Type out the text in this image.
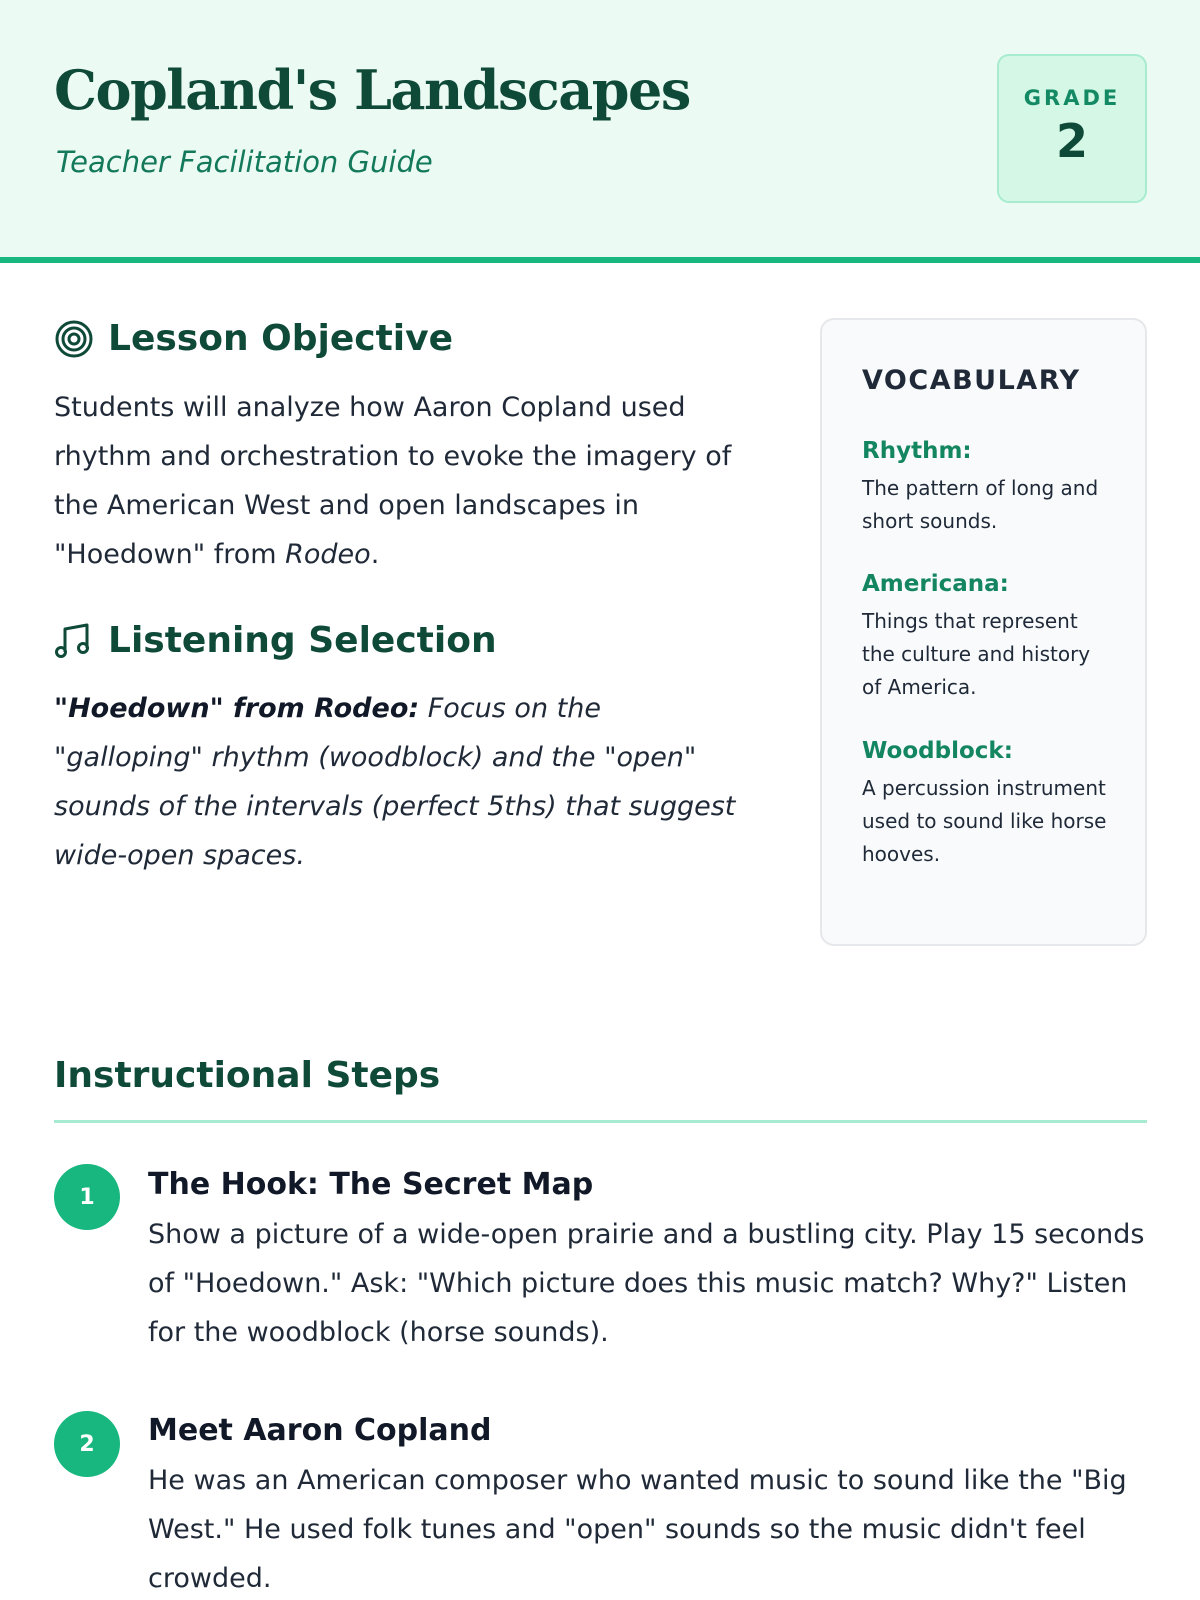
Copland's Landscapes
Teacher Facilitation Guide
GRADE
2
Lesson Objective

Students will analyze how Aaron Copland used rhythm and orchestration to evoke the imagery of the American West and open landscapes in "Hoedown" from Rodeo.

Listening Selection

"Hoedown" from Rodeo: Focus on the "galloping" rhythm (woodblock) and the "open" sounds of the intervals (perfect 5ths) that suggest wide-open spaces.

VOCABULARY
Rhythm:
The pattern of long and short sounds.
Americana:
Things that represent the culture and history of America.
Woodblock:
A percussion instrument used to sound like horse hooves.
Instructional Steps
1	The Hook: The Secret Map

Show a picture of a wide-open prairie and a bustling city. Play 15 seconds of "Hoedown." Ask: "Which picture does this music match? Why?" Listen for the woodblock (horse sounds).

2	Meet Aaron Copland

He was an American composer who wanted music to sound like the "Big West." He used folk tunes and "open" sounds so the music didn't feel crowded.
